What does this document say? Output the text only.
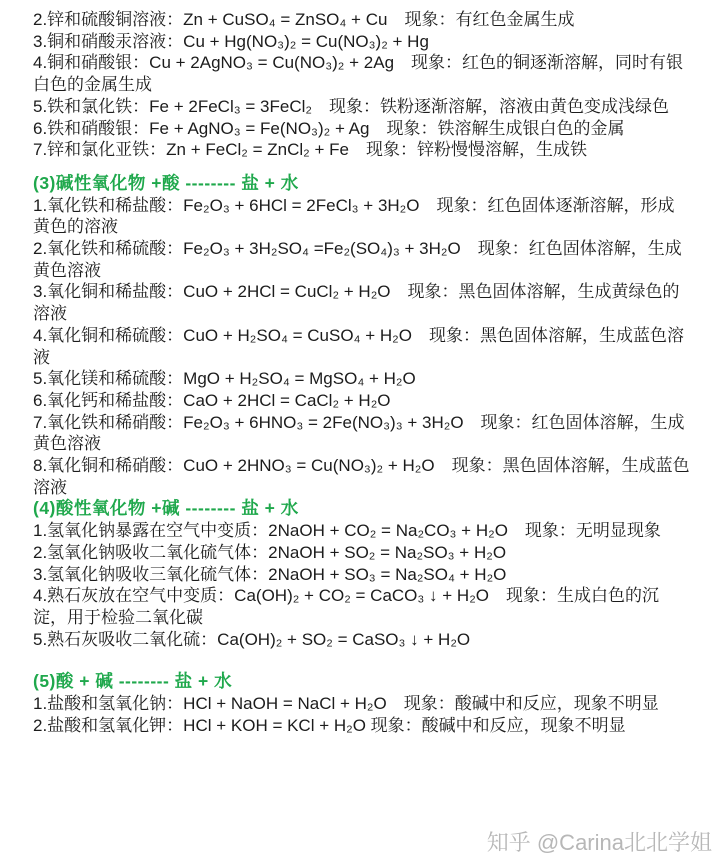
2.锌和硫酸铜溶液：Zn + CuSO₄ = ZnSO₄ + Cu　现象：有红色金属生成

3.铜和硝酸汞溶液：Cu + Hg(NO₃)₂ = Cu(NO₃)₂ + Hg

4.铜和硝酸银：Cu + 2AgNO₃ = Cu(NO₃)₂ + 2Ag　现象：红色的铜逐渐溶解，同时有银白色的金属生成

5.铁和氯化铁：Fe + 2FeCl₃ = 3FeCl₂　现象：铁粉逐渐溶解，溶液由黄色变成浅绿色

6.铁和硝酸银：Fe + AgNO₃ = Fe(NO₃)₂ + Ag　现象：铁溶解生成银白色的金属

7.锌和氯化亚铁：Zn + FeCl₂ = ZnCl₂ + Fe　现象：锌粉慢慢溶解，生成铁

(3)碱性氧化物 +酸 -------- 盐 + 水

1.氧化铁和稀盐酸：Fe₂O₃ + 6HCl = 2FeCl₃ + 3H₂O　现象：红色固体逐渐溶解，形成黄色的溶液

2.氧化铁和稀硫酸：Fe₂O₃ + 3H₂SO₄ =Fe₂(SO₄)₃ + 3H₂O　现象：红色固体溶解，生成黄色溶液

3.氧化铜和稀盐酸：CuO + 2HCl = CuCl₂ + H₂O　现象：黑色固体溶解，生成黄绿色的溶液

4.氧化铜和稀硫酸：CuO + H₂SO₄ = CuSO₄ + H₂O　现象：黑色固体溶解，生成蓝色溶液

5.氧化镁和稀硫酸：MgO + H₂SO₄ = MgSO₄ + H₂O

6.氧化钙和稀盐酸：CaO + 2HCl = CaCl₂ + H₂O

7.氧化铁和稀硝酸：Fe₂O₃ + 6HNO₃ = 2Fe(NO₃)₃ + 3H₂O　现象：红色固体溶解，生成黄色溶液

8.氧化铜和稀硝酸：CuO + 2HNO₃ = Cu(NO₃)₂ + H₂O　现象：黑色固体溶解，生成蓝色溶液

(4)酸性氧化物 +碱 -------- 盐 + 水

1.氢氧化钠暴露在空气中变质：2NaOH + CO₂ = Na₂CO₃ + H₂O　现象：无明显现象

2.氢氧化钠吸收二氧化硫气体：2NaOH + SO₂ = Na₂SO₃ + H₂O

3.氢氧化钠吸收三氧化硫气体：2NaOH + SO₃ = Na₂SO₄ + H₂O

4.熟石灰放在空气中变质：Ca(OH)₂ + CO₂ = CaCO₃ ↓ + H₂O　现象：生成白色的沉淀，用于检验二氧化碳

5.熟石灰吸收二氧化硫：Ca(OH)₂ + SO₂ = CaSO₃ ↓ + H₂O

(5)酸 + 碱 -------- 盐 + 水

1.盐酸和氢氧化钠：HCl + NaOH = NaCl + H₂O　现象：酸碱中和反应，现象不明显

2.盐酸和氢氧化钾：HCl + KOH = KCl + H₂O 现象：酸碱中和反应，现象不明显

知乎 @Carina北北学姐
